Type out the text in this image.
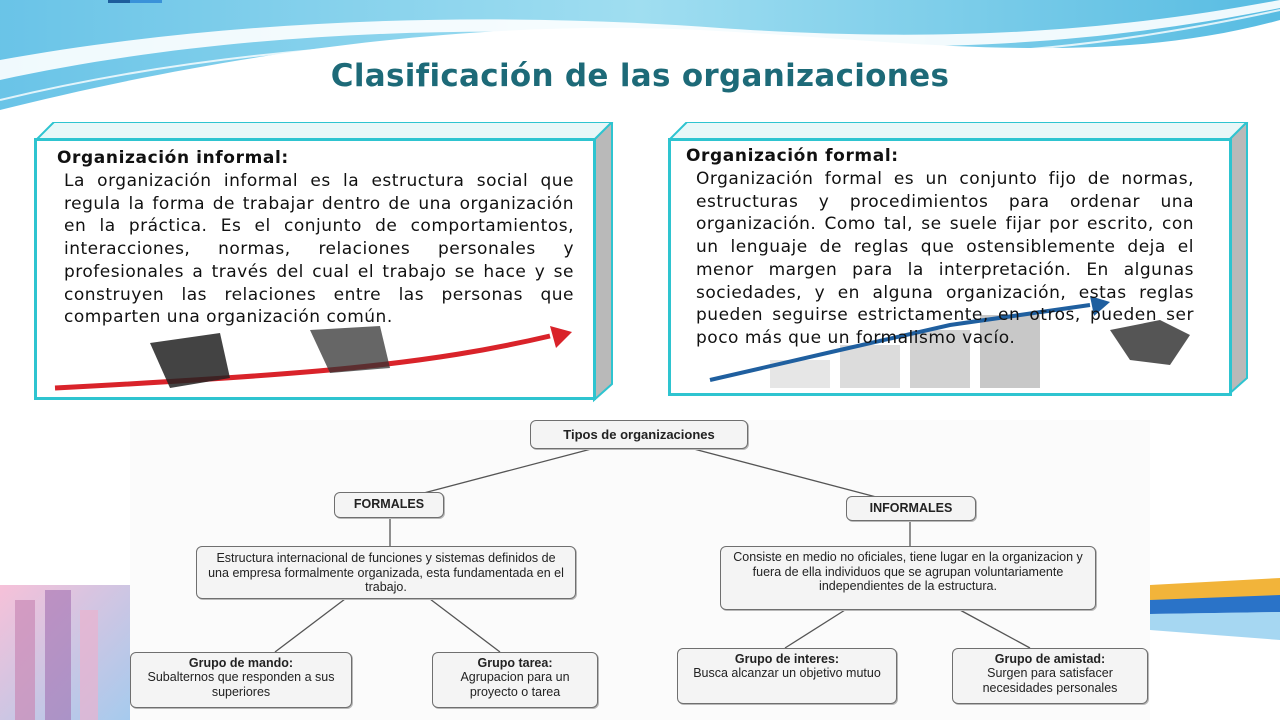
Clasificación de las organizaciones
Organización informal:
La organización informal es la estructura social que regula la forma de trabajar dentro de una organización en la práctica. Es el conjunto de comportamientos, interacciones, normas, relaciones personales y profesionales a través del cual el trabajo se hace y se construyen las relaciones entre las personas que comparten una organización común.
Organización formal:
Organización formal es un conjunto fijo de normas, estructuras y procedimientos para ordenar una organización. Como tal, se suele fijar por escrito, con un lenguaje de reglas que ostensiblemente deja el menor margen para la interpretación. En algunas sociedades, y en alguna organización, estas reglas pueden seguirse estrictamente, en otros, pueden ser poco más que un formalismo vacío.
Tipos de organizaciones
FORMALES	INFORMALES
Estructura internacional de funciones y sistemas definidos de una empresa formalmente organizada, esta fundamentada en el trabajo.
Consiste en medio no oficiales, tiene lugar en la organizacion y fuera de ella individuos que se agrupan voluntariamente independientes de la estructura.
Grupo de mando:
Subalternos que responden a sus superiores
Grupo tarea:
Agrupacion para un proyecto o tarea
Grupo de interes:
Busca alcanzar un objetivo mutuo
Grupo de amistad:
Surgen para satisfacer necesidades personales
